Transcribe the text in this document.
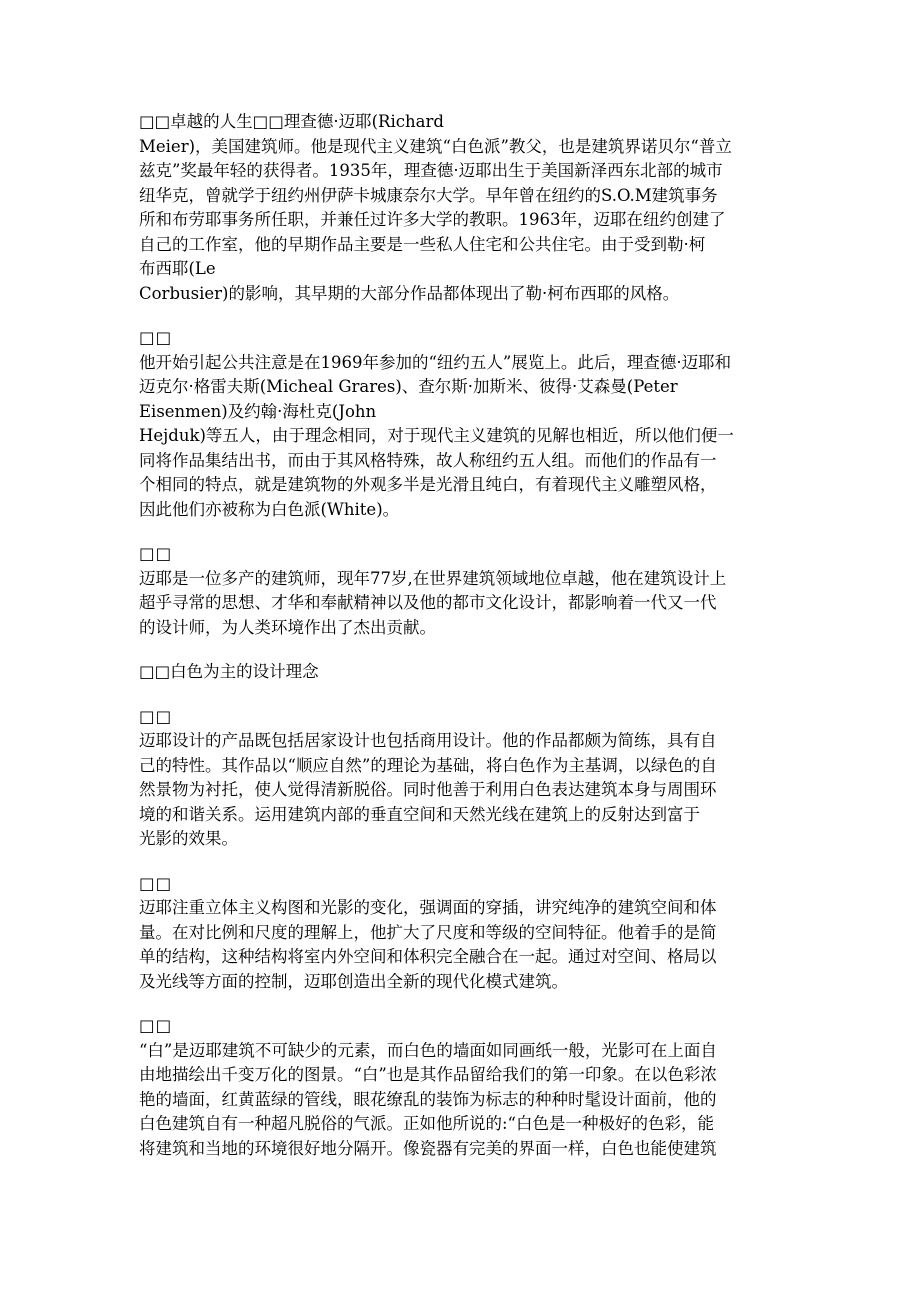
□□卓越的人生□□理查德·迈耶(Richard
Meier)，美国建筑师。他是现代主义建筑“白色派”教父，也是建筑界诺贝尔“普立
兹克”奖最年轻的获得者。1935年，理查德·迈耶出生于美国新泽西东北部的城市
纽华克，曾就学于纽约州伊萨卡城康奈尔大学。早年曾在纽约的S.O.M建筑事务
所和布劳耶事务所任职，并兼任过许多大学的教职。1963年，迈耶在纽约创建了
自己的工作室，他的早期作品主要是一些私人住宅和公共住宅。由于受到勒·柯
布西耶(Le
Corbusier)的影响，其早期的大部分作品都体现出了勒·柯布西耶的风格。
□□
他开始引起公共注意是在1969年参加的“纽约五人”展览上。此后，理查德·迈耶和
迈克尔·格雷夫斯(Micheal Grares)、查尔斯·加斯米、彼得·艾森曼(Peter
Eisenmen)及约翰·海杜克(John
Hejduk)等五人，由于理念相同，对于现代主义建筑的见解也相近，所以他们便一
同将作品集结出书，而由于其风格特殊，故人称纽约五人组。而他们的作品有一
个相同的特点，就是建筑物的外观多半是光滑且纯白，有着现代主义雕塑风格，
因此他们亦被称为白色派(White)。
□□
迈耶是一位多产的建筑师，现年77岁,在世界建筑领域地位卓越，他在建筑设计上
超乎寻常的思想、才华和奉献精神以及他的都市文化设计，都影响着一代又一代
的设计师，为人类环境作出了杰出贡献。
□□白色为主的设计理念
□□
迈耶设计的产品既包括居家设计也包括商用设计。他的作品都颇为简练，具有自
己的特性。其作品以“顺应自然”的理论为基础，将白色作为主基调，以绿色的自
然景物为衬托，使人觉得清新脱俗。同时他善于利用白色表达建筑本身与周围环
境的和谐关系。运用建筑内部的垂直空间和天然光线在建筑上的反射达到富于
光影的效果。
□□
迈耶注重立体主义构图和光影的变化，强调面的穿插，讲究纯净的建筑空间和体
量。在对比例和尺度的理解上，他扩大了尺度和等级的空间特征。他着手的是简
单的结构，这种结构将室内外空间和体积完全融合在一起。通过对空间、格局以
及光线等方面的控制，迈耶创造出全新的现代化模式建筑。
□□
“白”是迈耶建筑不可缺少的元素，而白色的墙面如同画纸一般，光影可在上面自
由地描绘出千变万化的图景。“白”也是其作品留给我们的第一印象。在以色彩浓
艳的墙面，红黄蓝绿的管线，眼花缭乱的装饰为标志的种种时髦设计面前，他的
白色建筑自有一种超凡脱俗的气派。正如他所说的:“白色是一种极好的色彩，能
将建筑和当地的环境很好地分隔开。像瓷器有完美的界面一样，白色也能使建筑
